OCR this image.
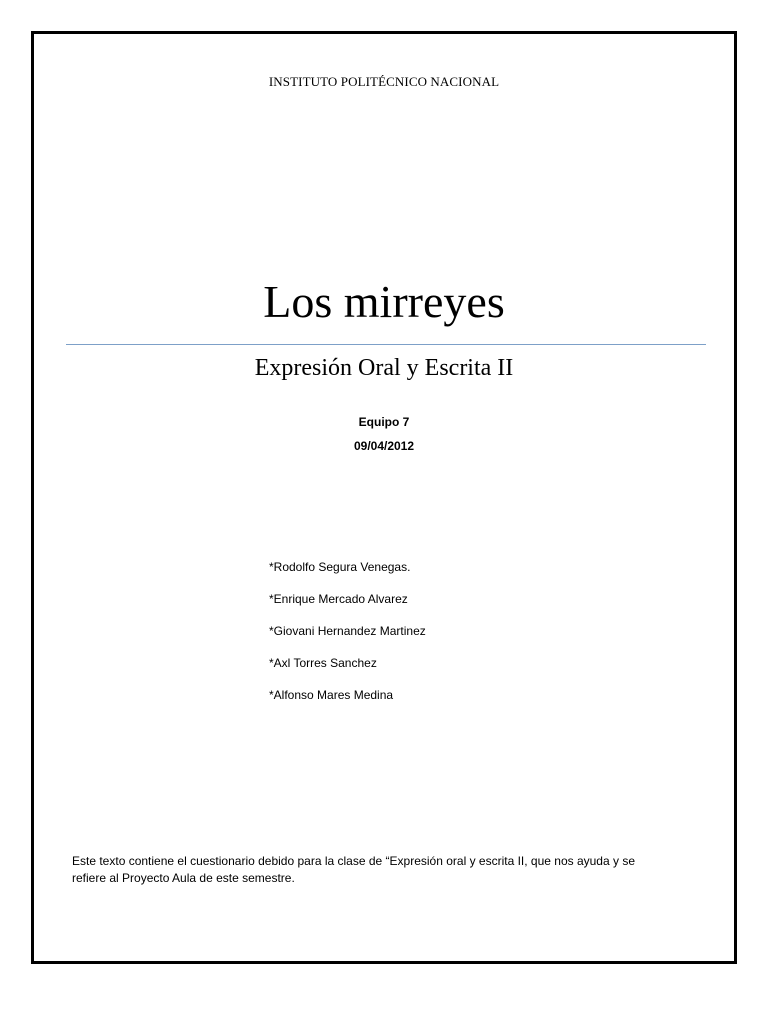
INSTITUTO POLITÉCNICO NACIONAL
Los mirreyes
Expresión Oral y Escrita II
Equipo 7
09/04/2012
*Rodolfo Segura Venegas.
*Enrique Mercado Alvarez
*Giovani Hernandez Martinez
*Axl Torres Sanchez
*Alfonso Mares Medina

Este texto contiene el cuestionario debido para la clase de “Expresión oral y escrita II, que nos ayuda y se refiere al Proyecto Aula de este semestre.
